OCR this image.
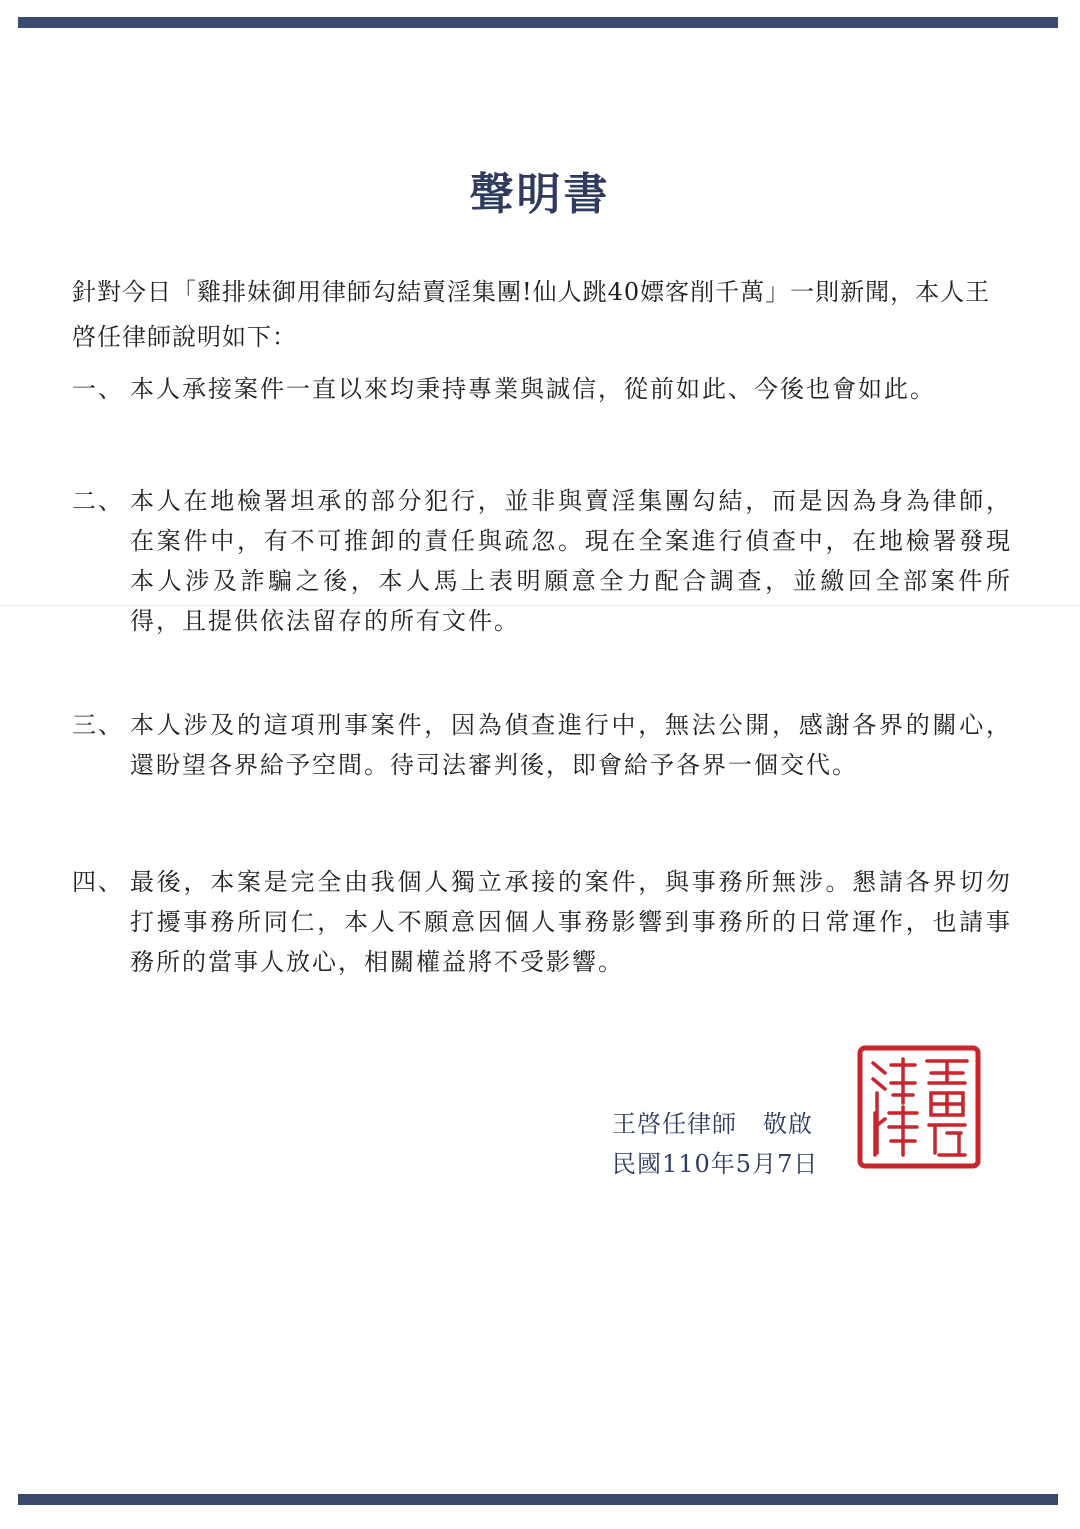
聲明書
針對今日「雞排妹御用律師勾結賣淫集團!仙人跳40嫖客削千萬」一則新聞，本人王啓任律師說明如下：
一、 本人承接案件一直以來均秉持專業與誠信，從前如此、今後也會如此。
二、 本人在地檢署坦承的部分犯行，並非與賣淫集團勾結，而是因為身為律師，在案件中，有不可推卸的責任與疏忽。現在全案進行偵查中，在地檢署發現本人涉及詐騙之後，本人馬上表明願意全力配合調查，並繳回全部案件所得，且提供依法留存的所有文件。
三、 本人涉及的這項刑事案件，因為偵查進行中，無法公開，感謝各界的關心，還盼望各界給予空間。待司法審判後，即會給予各界一個交代。
四、 最後，本案是完全由我個人獨立承接的案件，與事務所無涉。懇請各界切勿打擾事務所同仁，本人不願意因個人事務影響到事務所的日常運作，也請事務所的當事人放心，相關權益將不受影響。
王啓任律師 敬啟
民國110年5月7日
